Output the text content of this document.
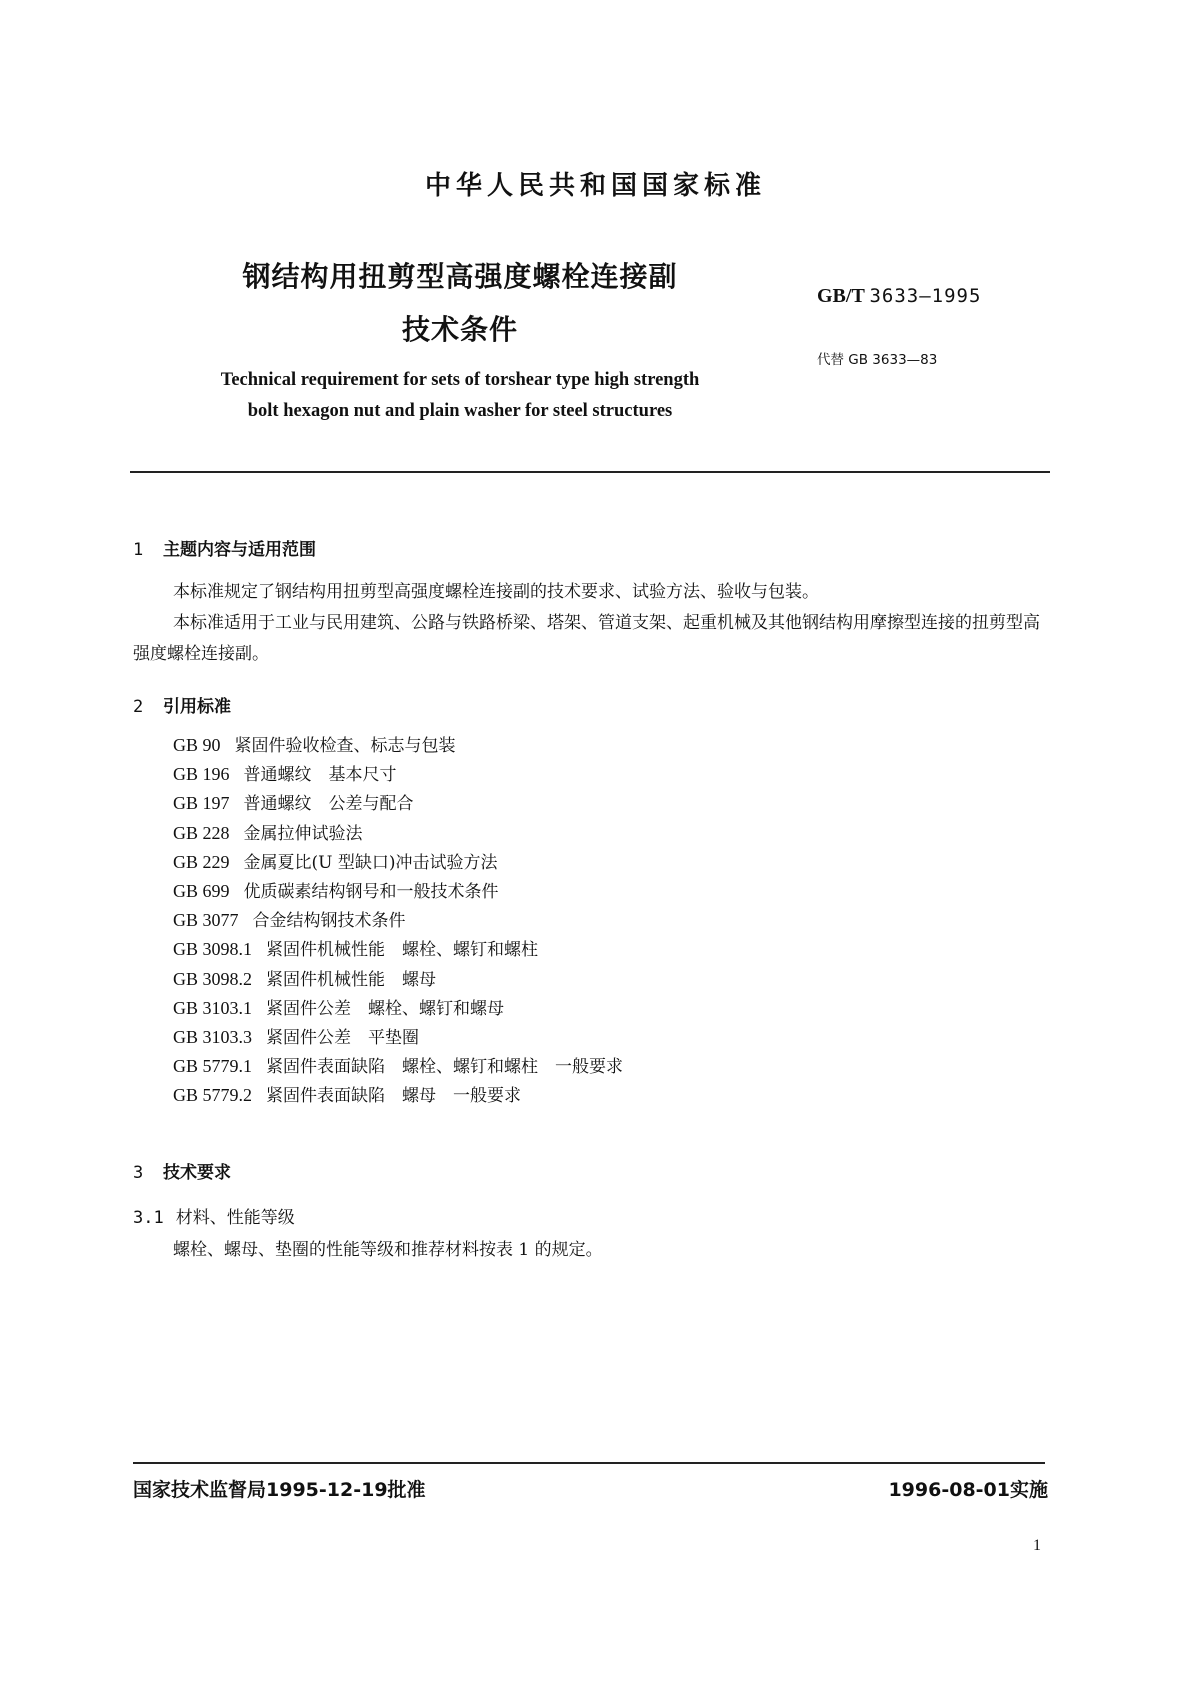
中华人民共和国国家标准
钢结构用扭剪型高强度螺栓连接副
技术条件
GB/T 3633—1995
代替 GB 3633—83
Technical requirement for sets of torshear type high strength
bolt hexagon nut and plain washer for steel structures
1 主题内容与适用范围
本标准规定了钢结构用扭剪型高强度螺栓连接副的技术要求、试验方法、验收与包装。
本标准适用于工业与民用建筑、公路与铁路桥梁、塔架、管道支架、起重机械及其他钢结构用摩擦型连接的扭剪型高强度螺栓连接副。
2 引用标准
GB 90 紧固件验收检查、标志与包装
GB 196 普通螺纹　基本尺寸
GB 197 普通螺纹　公差与配合
GB 228 金属拉伸试验法
GB 229 金属夏比(U 型缺口)冲击试验方法
GB 699 优质碳素结构钢号和一般技术条件
GB 3077 合金结构钢技术条件
GB 3098.1 紧固件机械性能　螺栓、螺钉和螺柱
GB 3098.2 紧固件机械性能　螺母
GB 3103.1 紧固件公差　螺栓、螺钉和螺母
GB 3103.3 紧固件公差　平垫圈
GB 5779.1 紧固件表面缺陷　螺栓、螺钉和螺柱　一般要求
GB 5779.2 紧固件表面缺陷　螺母　一般要求
3 技术要求
3.1 材料、性能等级
螺栓、螺母、垫圈的性能等级和推荐材料按表 1 的规定。
国家技术监督局1995-12-19批准	1996-08-01实施
1
